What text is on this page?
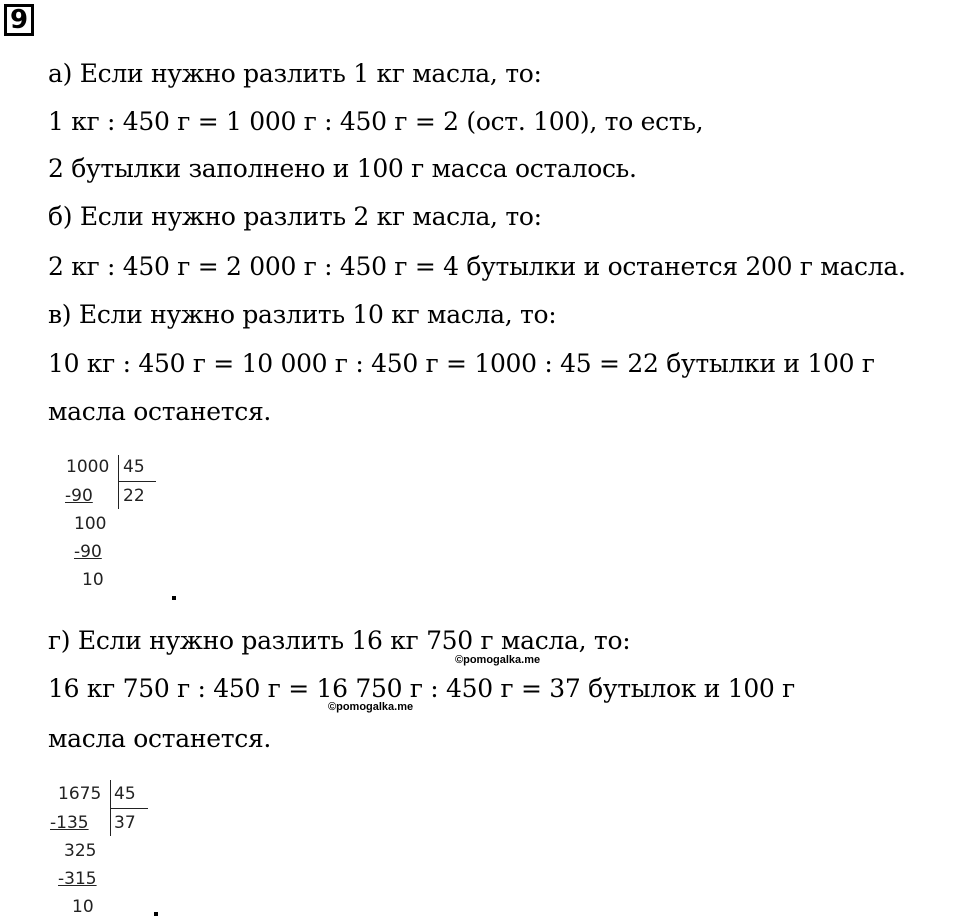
9
а) Если нужно разлить 1 кг масла, то:
1 кг : 450 г = 1 000 г : 450 г = 2 (ост. 100), то есть,
2 бутылки заполнено и 100 г масса осталось.
б) Если нужно разлить 2 кг масла, то:
2 кг : 450 г = 2 000 г : 450 г = 4 бутылки и останется 200 г масла.
в) Если нужно разлить 10 кг масла, то:
10 кг : 450 г = 10 000 г : 450 г = 1000 : 45 = 22 бутылки и 100 г
масла останется.
1000 45
-90 22
100
-90
10
г) Если нужно разлить 16 кг 750 г масла, то:
©pomogalka.me
16 кг 750 г : 450 г = 16 750 г : 450 г = 37 бутылок и 100 г
©pomogalka.me
масла останется.
1675 45
-135 37
325
-315
10
